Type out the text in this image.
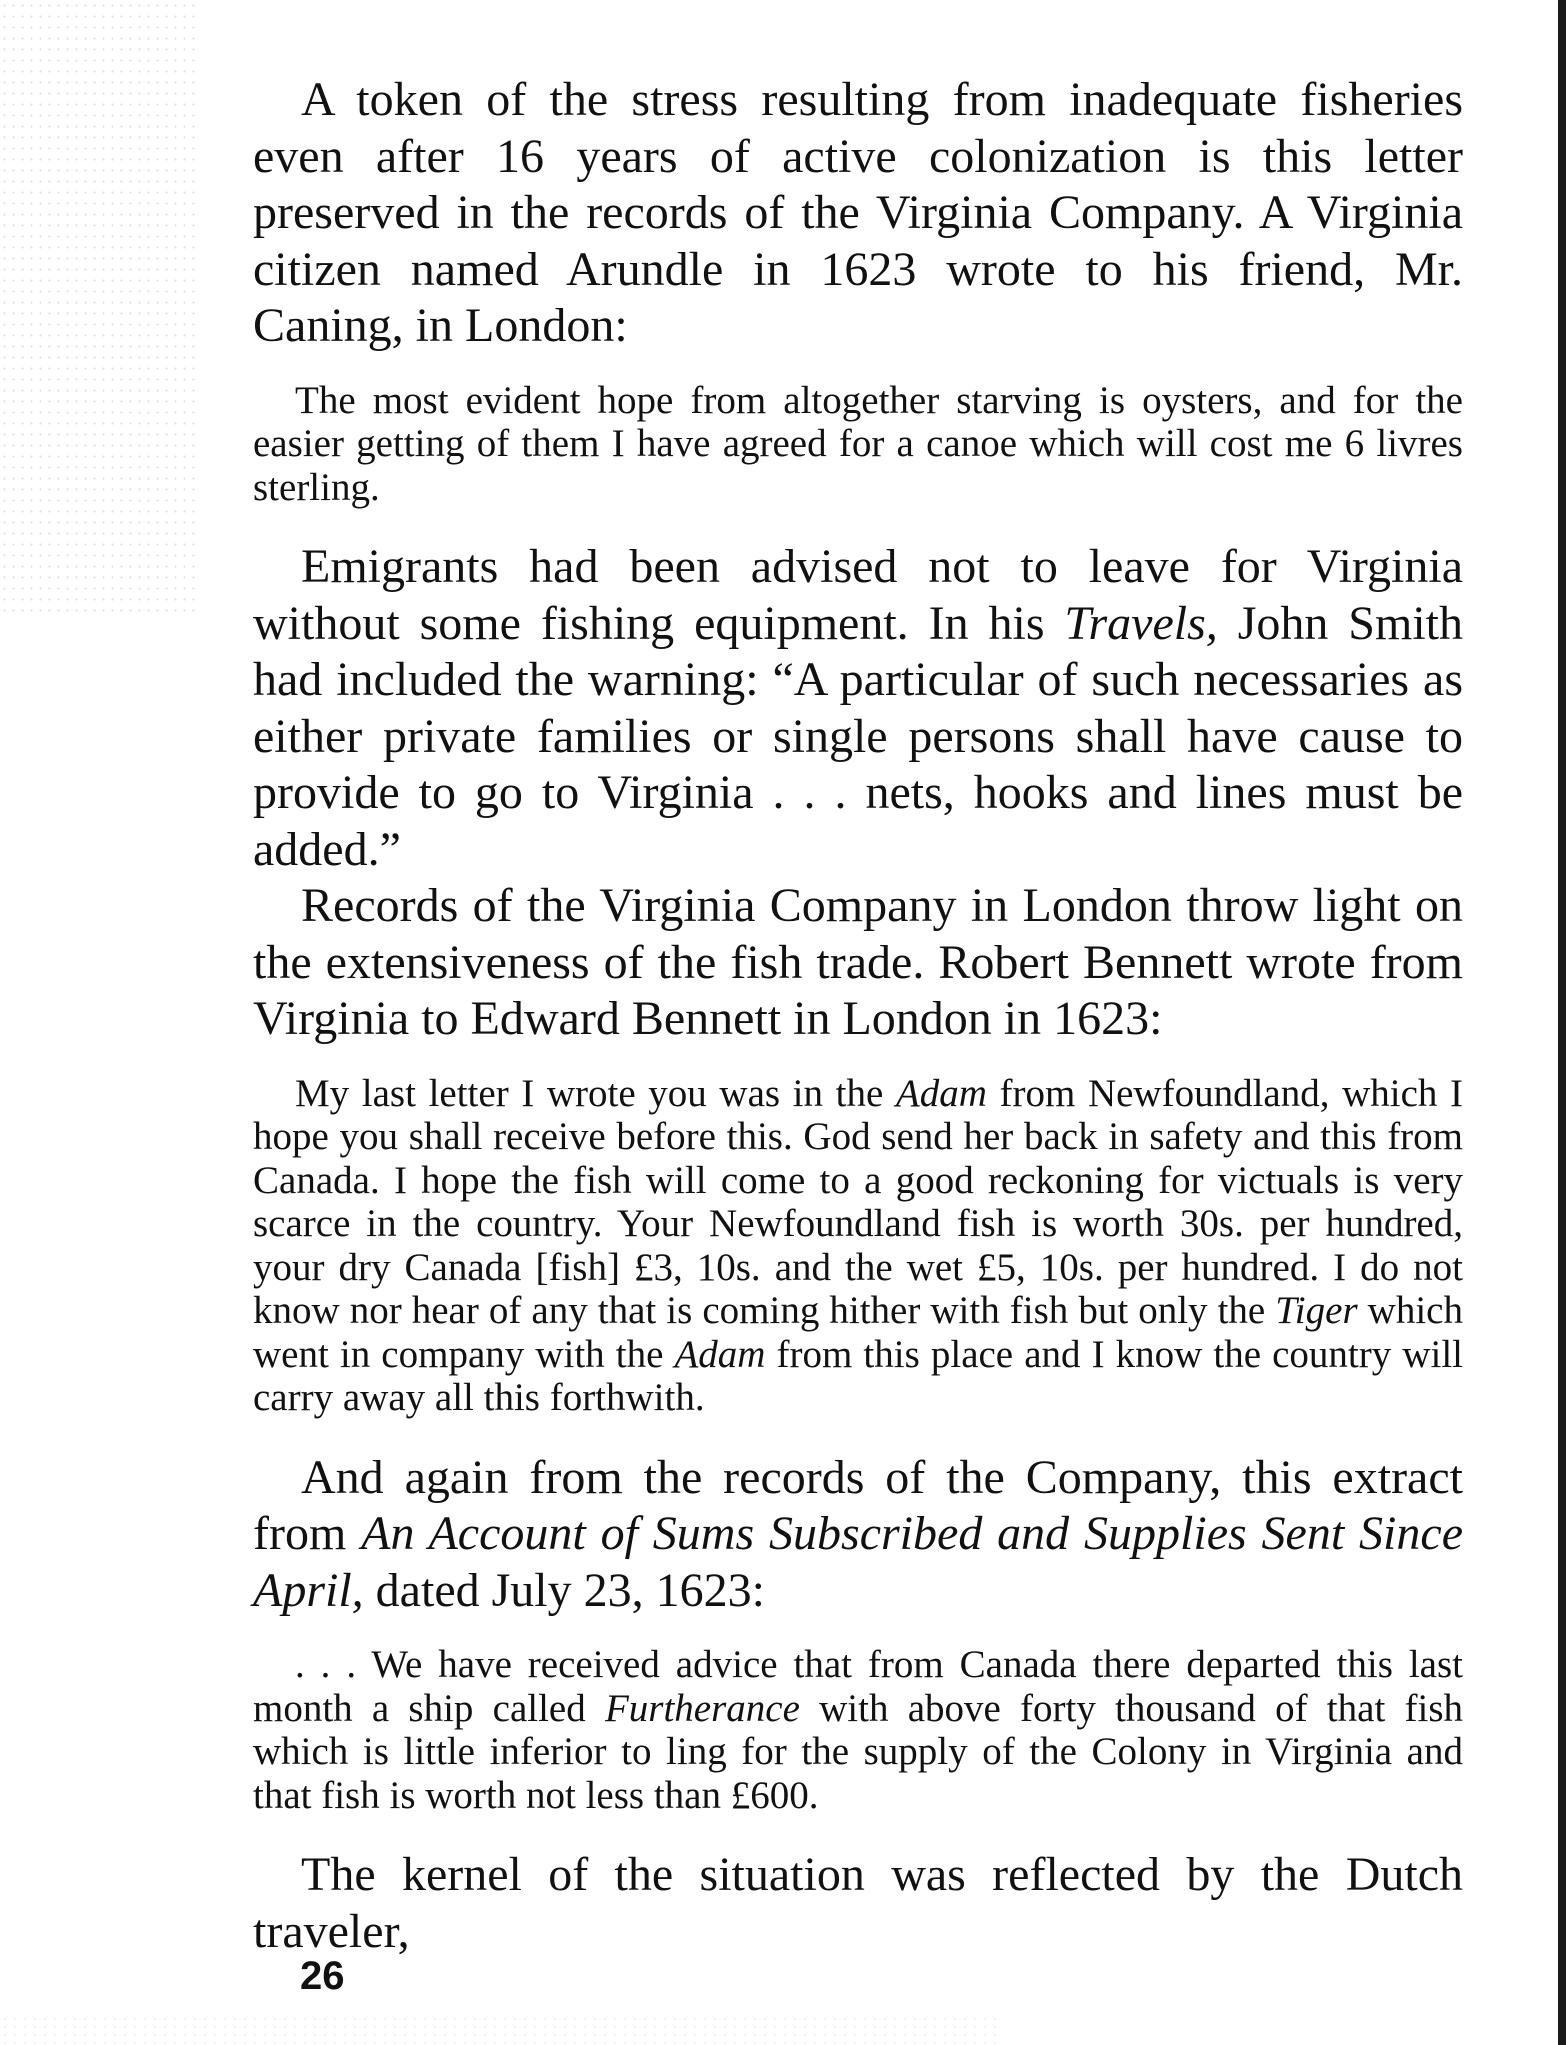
A token of the stress resulting from inadequate fisheries even after 16 years of active colonization is this letter preserved in the records of the Virginia Company. A Virginia citizen named Arundle in 1623 wrote to his friend, Mr. Caning, in London:

The most evident hope from altogether starving is oysters, and for the easier getting of them I have agreed for a canoe which will cost me 6 livres sterling.

Emigrants had been advised not to leave for Virginia without some fishing equipment. In his Travels, John Smith had included the warning: “A particular of such necessaries as either private families or single persons shall have cause to provide to go to Virginia . . . nets, hooks and lines must be added.”

Records of the Virginia Company in London throw light on the extensiveness of the fish trade. Robert Bennett wrote from Virginia to Edward Bennett in London in 1623:

My last letter I wrote you was in the Adam from Newfoundland, which I hope you shall receive before this. God send her back in safety and this from Canada. I hope the fish will come to a good reckoning for victuals is very scarce in the country. Your Newfoundland fish is worth 30s. per hundred, your dry Canada [fish] £3, 10s. and the wet £5, 10s. per hundred. I do not know nor hear of any that is coming hither with fish but only the Tiger which went in company with the Adam from this place and I know the country will carry away all this forthwith.

And again from the records of the Company, this extract from An Account of Sums Subscribed and Supplies Sent Since April, dated July 23, 1623:

. . . We have received advice that from Canada there departed this last month a ship called Furtherance with above forty thousand of that fish which is little inferior to ling for the supply of the Colony in Virginia and that fish is worth not less than £600.

The kernel of the situation was reflected by the Dutch traveler,

26
